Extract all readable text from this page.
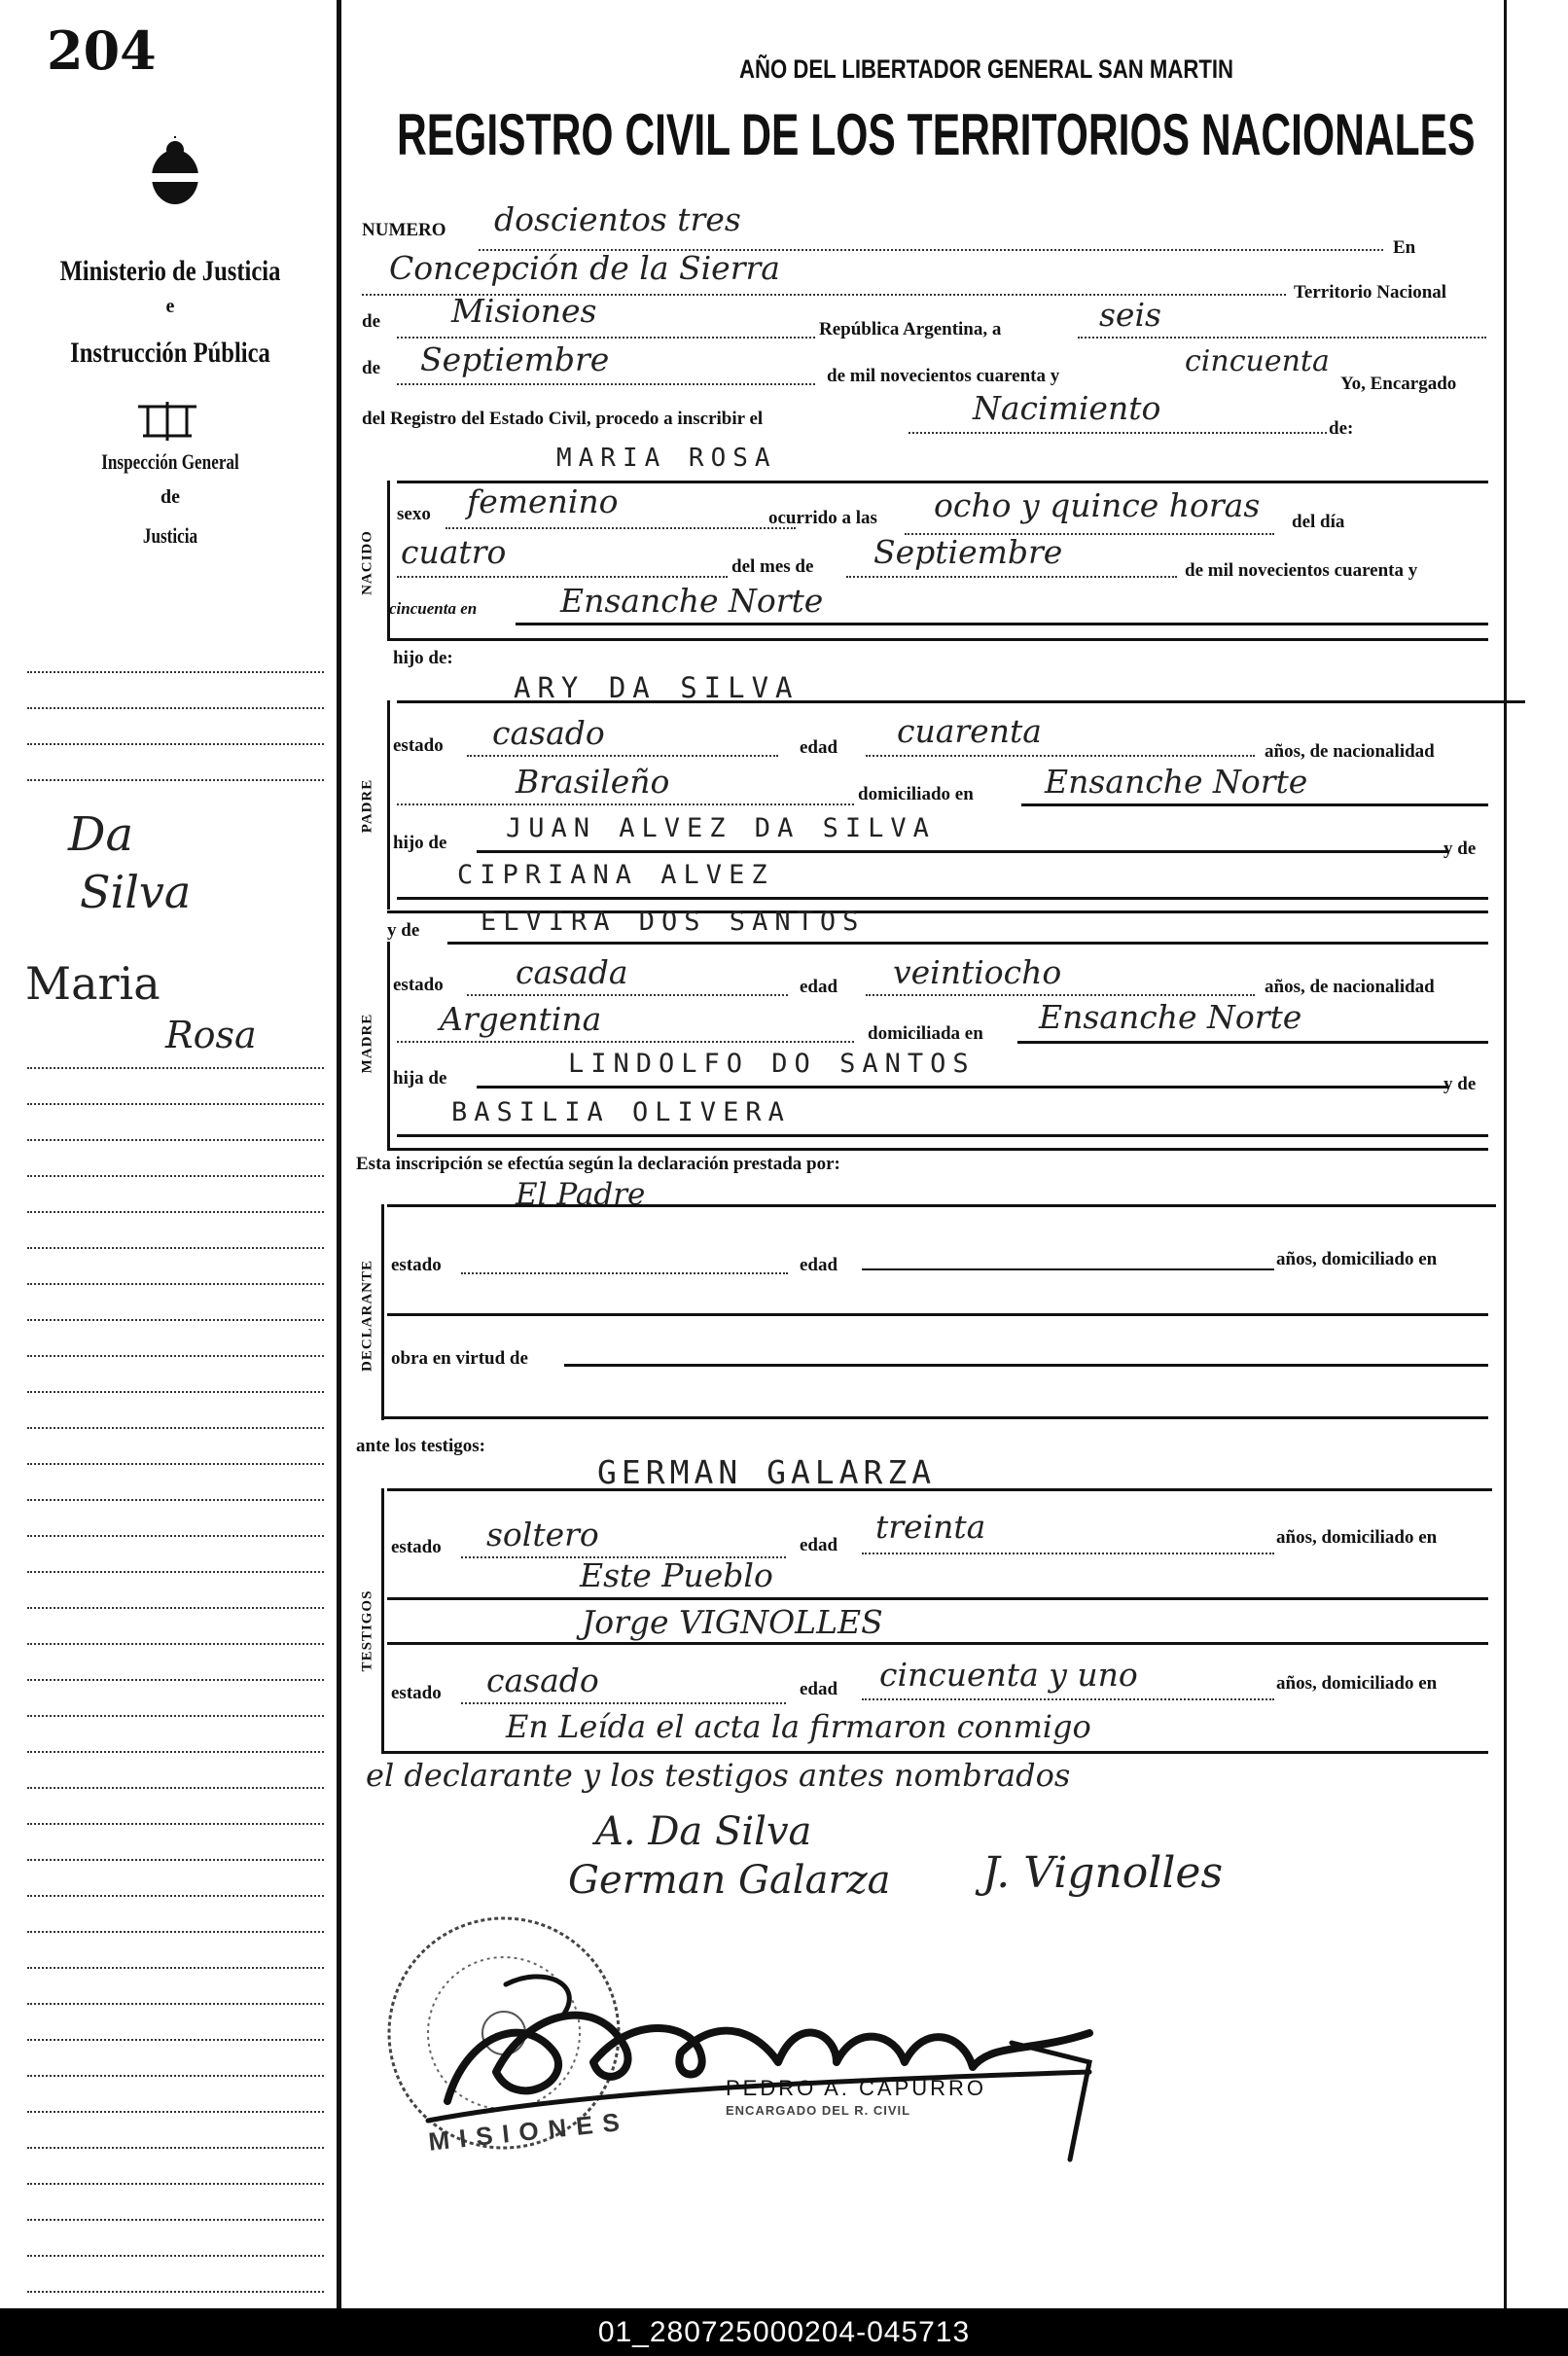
204
Ministerio de Justicia
e
Instrucción Pública
Inspección General
de
Justicia
Da
Silva
Maria
Rosa
AÑO DEL LIBERTADOR GENERAL SAN MARTIN
REGISTRO CIVIL DE LOS TERRITORIOS NACIONALES
NUMERO doscientos tres
En
Concepción de la Sierra
Territorio Nacional
de Misiones	República Argentina, a	seis
de Septiembre	de mil novecientos cuarenta y	cincuenta
Yo, Encargado
del Registro del Estado Civil, procedo a inscribir el	Nacimiento
de:
MARIA ROSA
NACIDO
sexo femenino	ocurrido a las ocho y quince horas del día
cuatro	del mes de Septiembre	de mil novecientos cuarenta y
cincuenta en	Ensanche Norte
hijo de:
ARY DA SILVA
PADRE
estado casado	edad cuarenta
años, de nacionalidad
Brasileño	domiciliado en Ensanche Norte
hijo de JUAN ALVEZ DA SILVA
y de
CIPRIANA ALVEZ
y de ELVIRA DOS SANTOS
MADRE
estado casada	edad veintiocho	años, de nacionalidad
Argentina	domiciliada en Ensanche Norte
hija de	LINDOLFO DO SANTOS
y de
BASILIA OLIVERA
Esta inscripción se efectúa según la declaración prestada por:
El Padre
DECLARANTE estado	edad	años, domiciliado en
obra en virtud de
ante los testigos:
GERMAN GALARZA
TESTIGOS
estado soltero	edad treinta	años, domiciliado en
Este Pueblo
Jorge VIGNOLLES
estado casado	edad cincuenta y uno	años, domiciliado en
En Leída el acta la firmaron conmigo
el declarante y los testigos antes nombrados
A. Da Silva
German Galarza J. Vignolles
MISIONES
PEDRO A. CAPURRO
ENCARGADO DEL R. CIVIL
01_280725000204-045713
